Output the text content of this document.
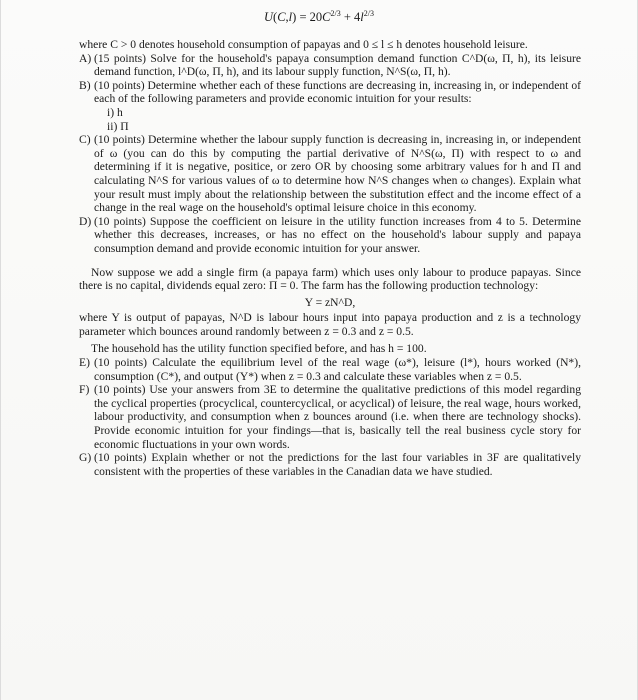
$U(C,l) = 20C^{2/3} + 4l^{2/3}$

where C > 0 denotes household consumption of papayas and 0 ≤ l ≤ h denotes household leisure.

A) (15 points) Solve for the household's papaya consumption demand function C^D(ω, Π, h), its leisure demand function, l^D(ω, Π, h), and its labour supply function, N^S(ω, Π, h).
B) (10 points) Determine whether each of these functions are decreasing in, increasing in, or independent of each of the following parameters and provide economic intuition for your results:
i) h
ii) Π
C) (10 points) Determine whether the labour supply function is decreasing in, increasing in, or independent of ω (you can do this by computing the partial derivative of N^S(ω, Π) with respect to ω and determining if it is negative, positice, or zero OR by choosing some arbitrary values for h and Π and calculating N^S for various values of ω to determine how N^S changes when ω changes). Explain what your result must imply about the relationship between the substitution effect and the income effect of a change in the real wage on the household's optimal leisure choice in this economy.
D) (10 points) Suppose the coefficient on leisure in the utility function increases from 4 to 5. Determine whether this decreases, increases, or has no effect on the household's labour supply and papaya consumption demand and provide economic intuition for your answer.

Now suppose we add a single firm (a papaya farm) which uses only labour to produce papayas. Since there is no capital, dividends equal zero: Π = 0. The farm has the following production technology:

Y = zN^D,

where Y is output of papayas, N^D is labour hours input into papaya production and z is a technology parameter which bounces around randomly between z = 0.3 and z = 0.5.

The household has the utility function specified before, and has h = 100.

E) (10 points) Calculate the equilibrium level of the real wage (ω*), leisure (l*), hours worked (N*), consumption (C*), and output (Y*) when z = 0.3 and calculate these variables when z = 0.5.
F) (10 points) Use your answers from 3E to determine the qualitative predictions of this model regarding the cyclical properties (procyclical, countercyclical, or acyclical) of leisure, the real wage, hours worked, labour productivity, and consumption when z bounces around (i.e. when there are technology shocks). Provide economic intuition for your findings—that is, basically tell the real business cycle story for economic fluctuations in your own words.
G) (10 points) Explain whether or not the predictions for the last four variables in 3F are qualitatively consistent with the properties of these variables in the Canadian data we have studied.
